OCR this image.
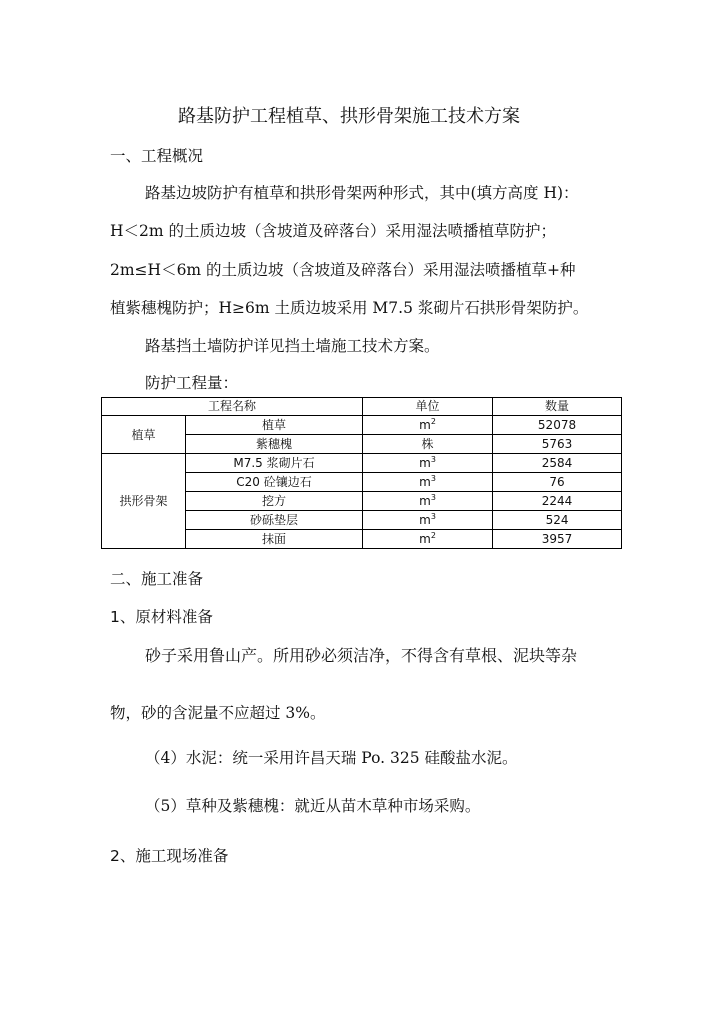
路基防护工程植草、拱形骨架施工技术方案
一、工程概况
路基边坡防护有植草和拱形骨架两种形式，其中(填方高度 H)：
H＜2m 的土质边坡（含坡道及碎落台）采用湿法喷播植草防护；
2m≤H＜6m 的土质边坡（含坡道及碎落台）采用湿法喷播植草+种
植紫穗槐防护；H≥6m 土质边坡采用 M7.5 浆砌片石拱形骨架防护。
路基挡土墙防护详见挡土墙施工技术方案。
防护工程量：
工程名称		单位	数量
植草	植草	$m^2$	52078
	紫穗槐	株	5763
拱形骨架	M7.5 浆砌片石	$m^3$	2584
	C20 砼镶边石	$m^3$	76
	挖方	$m^3$	2244
	砂砾垫层	$m^3$	524
	抹面	$m^2$	3957
二、施工准备
1、原材料准备
砂子采用鲁山产。所用砂必须洁净，不得含有草根、泥块等杂
物，砂的含泥量不应超过 3%。
（4）水泥：统一采用许昌天瑞 Po. 325 硅酸盐水泥。
（5）草种及紫穗槐：就近从苗木草种市场采购。
2、施工现场准备
